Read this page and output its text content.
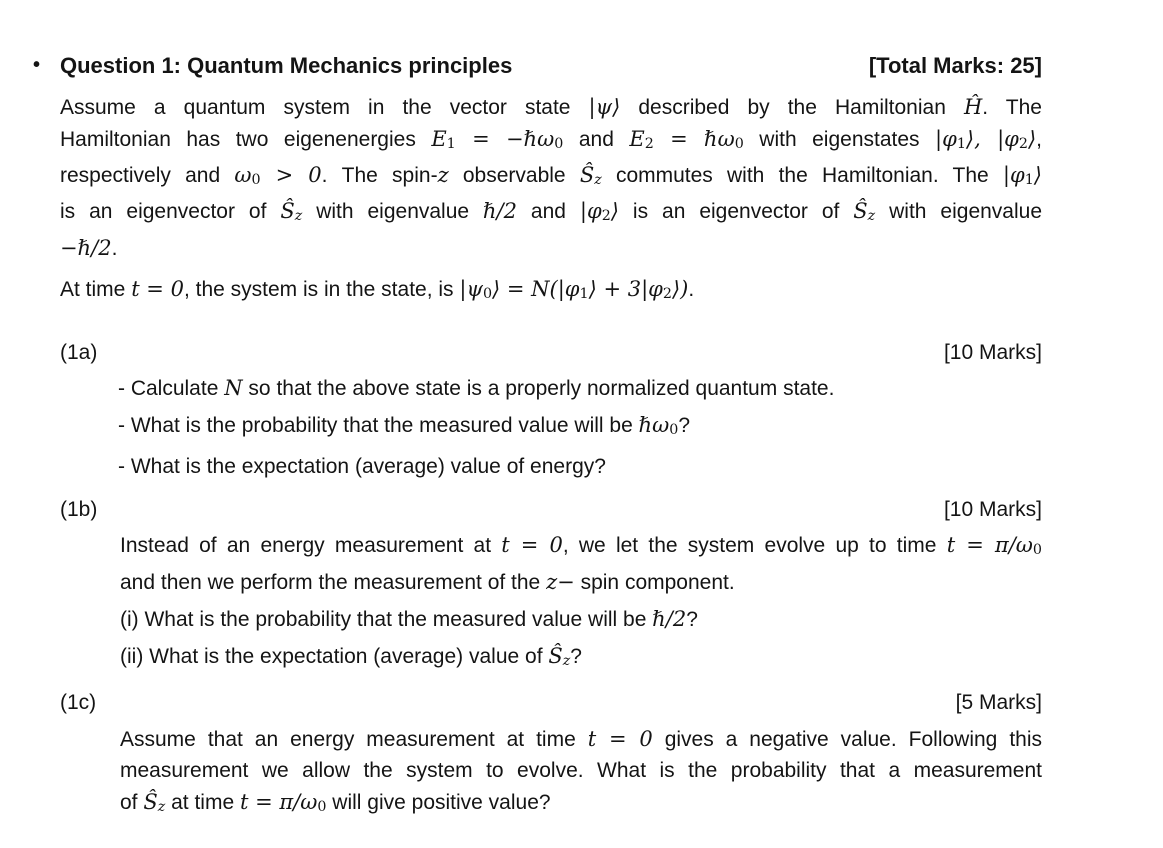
• Question 1: Quantum Mechanics principles	[Total Marks: 25]
Assume a quantum system in the vector state |ψ⟩ described by the Hamiltonian Ĥ. The
Hamiltonian has two eigenenergies E1 = −ℏω0 and E2 = ℏω0 with eigenstates |φ1⟩, |φ2⟩,
respectively and ω0 > 0. The spin-z observable Ŝz commutes with the Hamiltonian. The |φ1⟩
is an eigenvector of Ŝz with eigenvalue ℏ/2 and |φ2⟩ is an eigenvector of Ŝz with eigenvalue
−ℏ/2.
At time t = 0, the system is in the state, is |ψ0⟩ = N(|φ1⟩ + 3|φ2⟩).
(1a)	[10 Marks]
- Calculate N so that the above state is a properly normalized quantum state.
- What is the probability that the measured value will be ℏω0?
- What is the expectation (average) value of energy?
(1b)	[10 Marks]
Instead of an energy measurement at t = 0, we let the system evolve up to time t = π/ω0
and then we perform the measurement of the z− spin component.
(i) What is the probability that the measured value will be ℏ/2?
(ii) What is the expectation (average) value of Ŝz?
(1c)	[5 Marks]
Assume that an energy measurement at time t = 0 gives a negative value. Following this
measurement we allow the system to evolve. What is the probability that a measurement
of Ŝz at time t = π/ω0 will give positive value?
